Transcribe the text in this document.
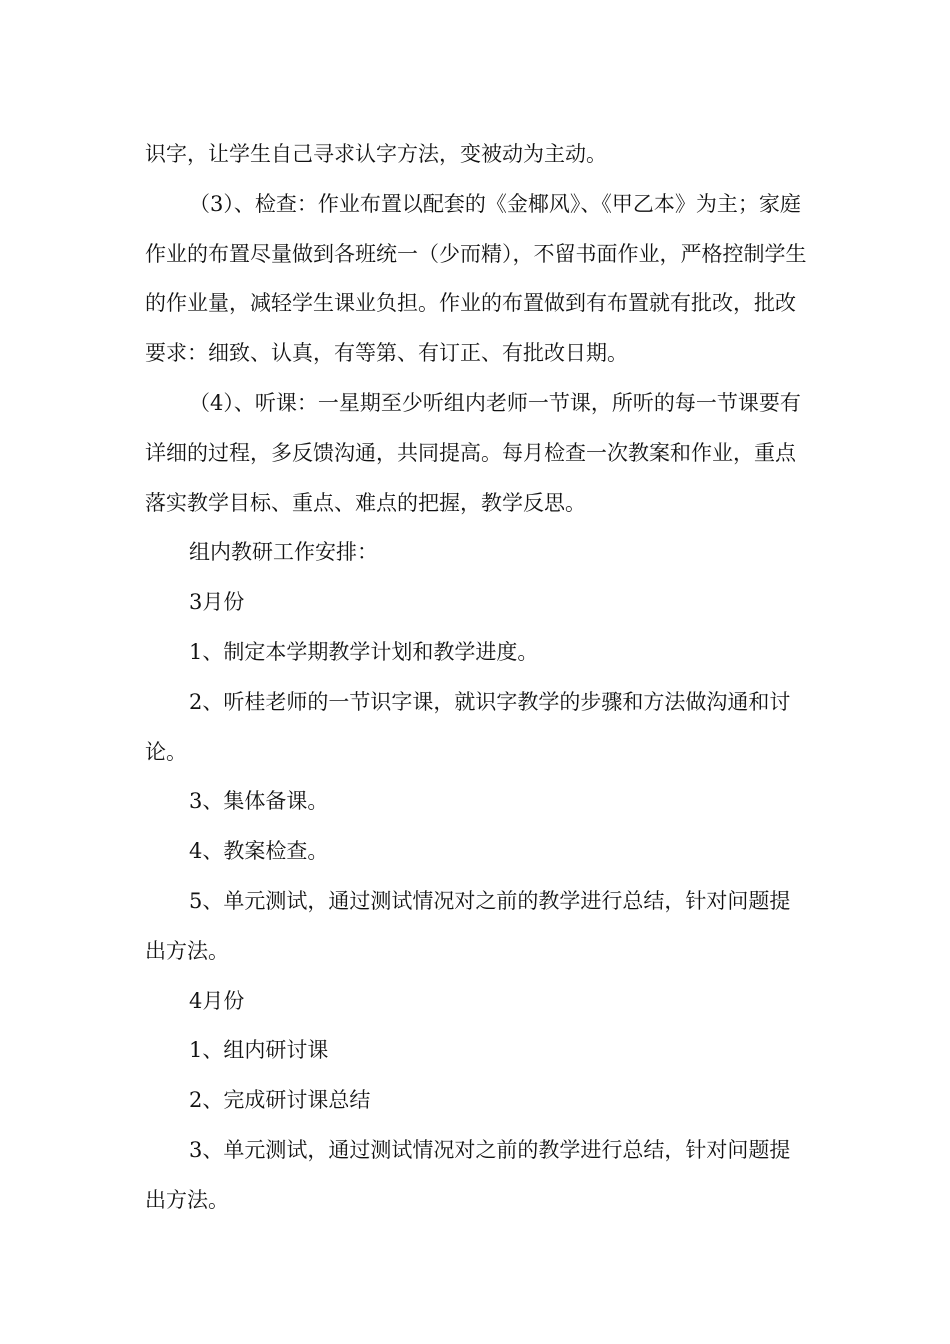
识字，让学生自己寻求认字方法，变被动为主动。

（3）、检查：作业布置以配套的《金椰风》、《甲乙本》为主；家庭作业的布置尽量做到各班统一（少而精），不留书面作业，严格控制学生的作业量，减轻学生课业负担。作业的布置做到有布置就有批改，批改要求：细致、认真，有等第、有订正、有批改日期。

（4）、听课：一星期至少听组内老师一节课，所听的每一节课要有详细的过程，多反馈沟通，共同提高。每月检查一次教案和作业，重点落实教学目标、重点、难点的把握，教学反思。

组内教研工作安排：

3月份

1、制定本学期教学计划和教学进度。

2、听桂老师的一节识字课，就识字教学的步骤和方法做沟通和讨论。

3、集体备课。

4、教案检查。

5、单元测试，通过测试情况对之前的教学进行总结，针对问题提出方法。

4月份

1、组内研讨课

2、完成研讨课总结

3、单元测试，通过测试情况对之前的教学进行总结，针对问题提出方法。
